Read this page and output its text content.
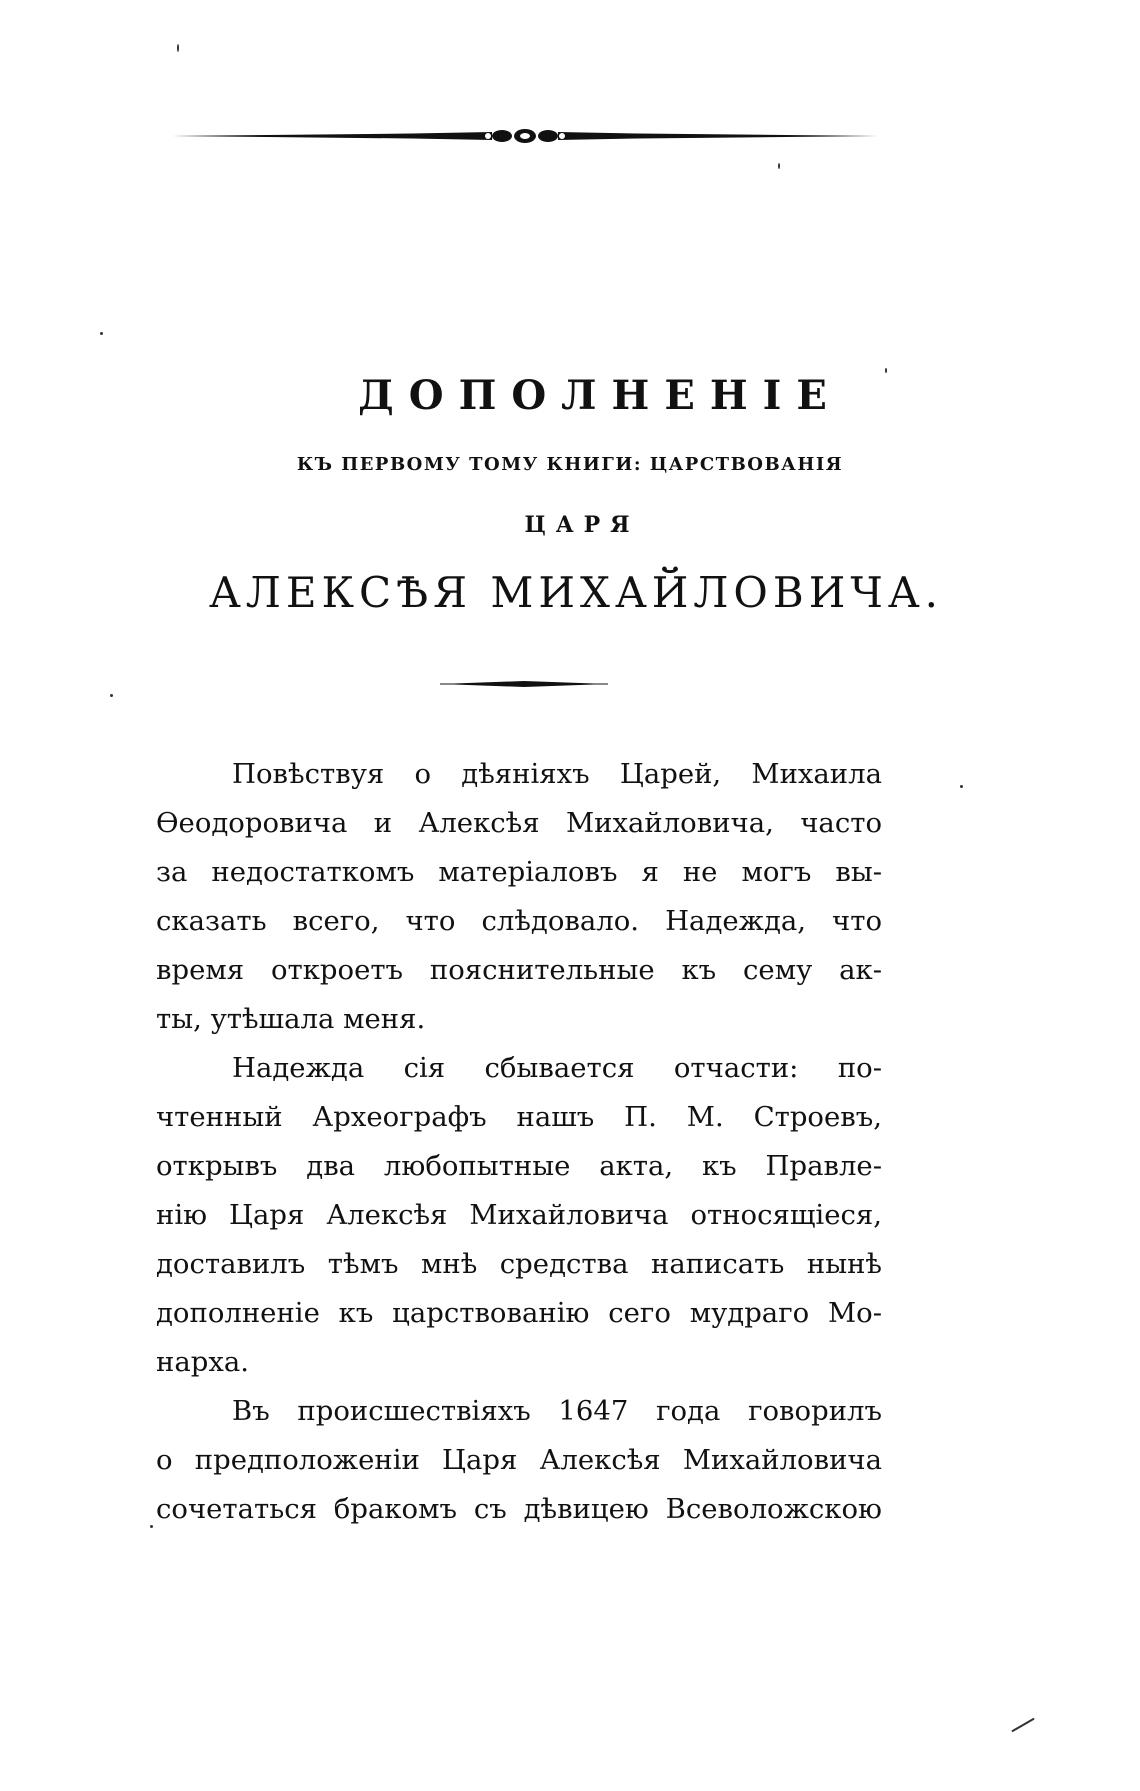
ДОПОЛНЕНІЕ
КЪ ПЕРВОМУ ТОМУ КНИГИ: ЦАРСТВОВАНІЯ
ЦАРЯ
АЛЕКСѢЯ МИХАЙЛОВИЧА.
Повѣствуя о дѣяніяхъ Царей, Михаила
Ѳеодоровича и Алексѣя Михайловича, часто
за недостаткомъ матеріаловъ я не могъ вы-
сказать всего, что слѣдовало. Надежда, что
время откроетъ пояснительные къ сему ак-
ты, утѣшала меня.
Надежда сія сбывается отчасти: по-
чтенный Археографъ нашъ П. М. Строевъ,
открывъ два любопытные акта, къ Правле-
нію Царя Алексѣя Михайловича относящіеся,
доставилъ тѣмъ мнѣ средства написать нынѣ
дополненіе къ царствованію сего мудраго Мо-
нарха.
Въ происшествіяхъ 1647 года говорилъ
о предположеніи Царя Алексѣя Михайловича
сочетаться бракомъ съ дѣвицею Всеволожскою
